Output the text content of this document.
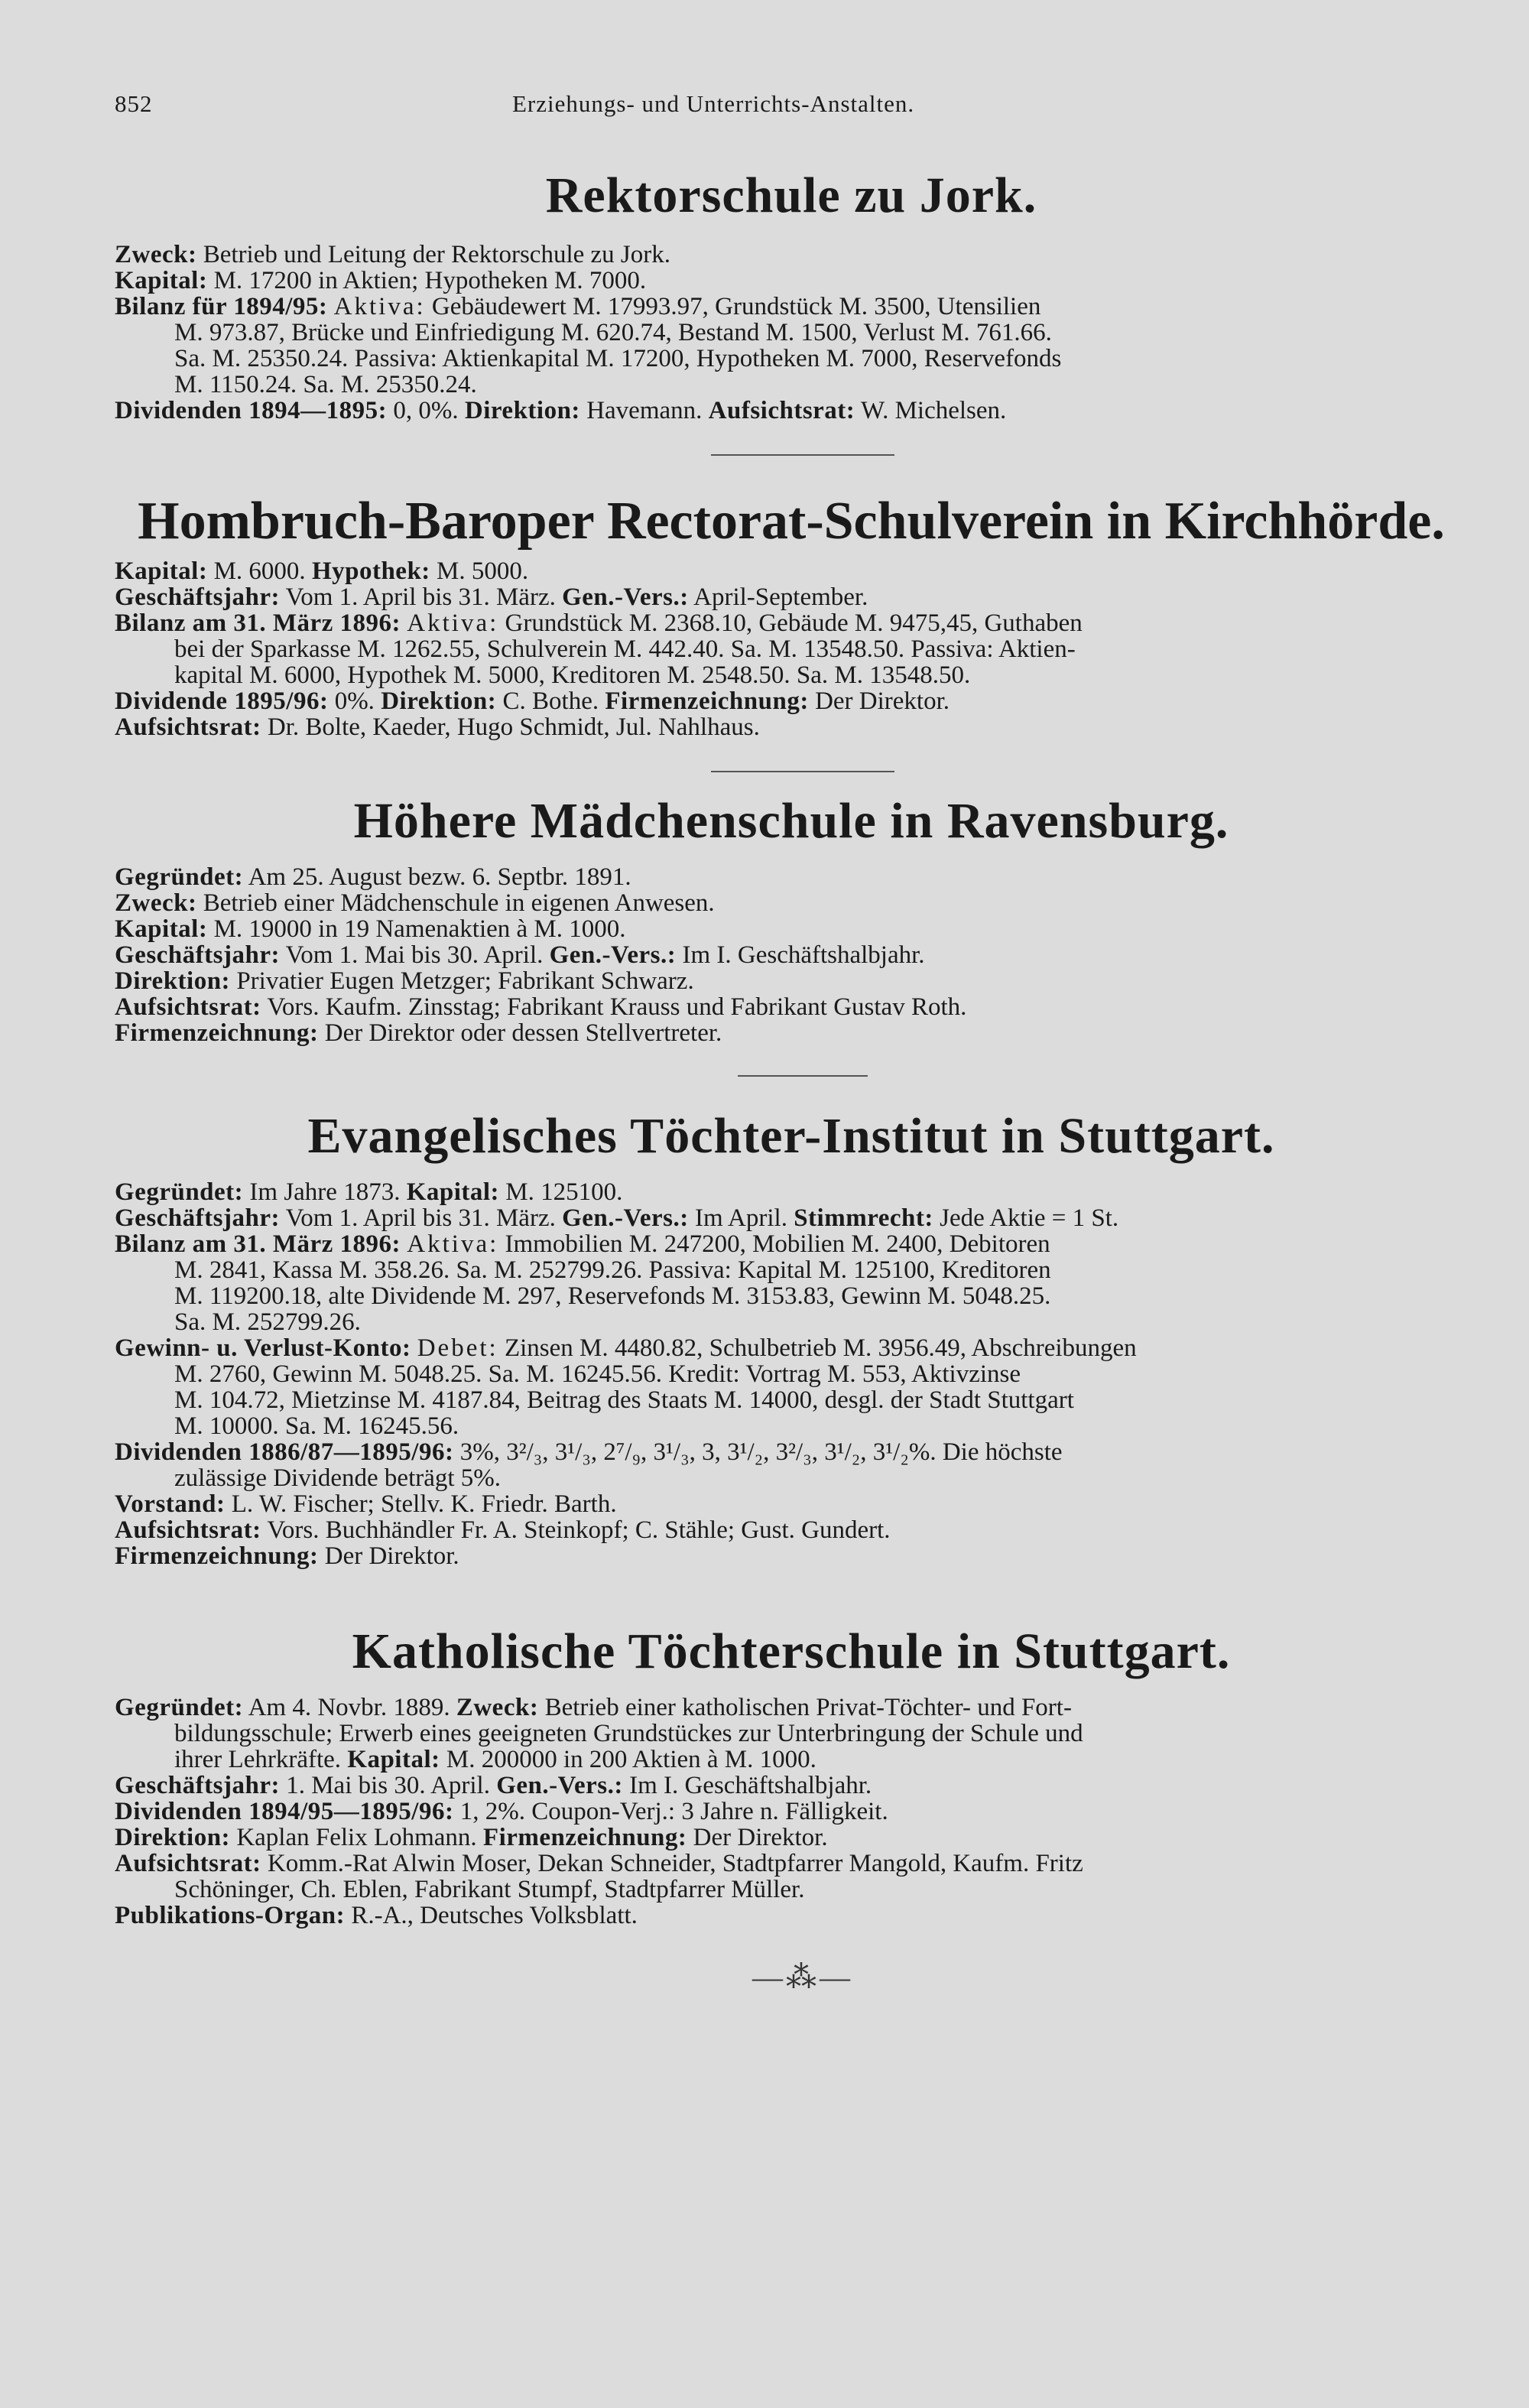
852	Erziehungs- und Unterrichts-Anstalten.
Rektorschule zu Jork.
Zweck: Betrieb und Leitung der Rektorschule zu Jork.
Kapital: M. 17200 in Aktien; Hypotheken M. 7000.
Bilanz für 1894/95: Aktiva: Gebäudewert M. 17993.97, Grundstück M. 3500, Utensilien
M. 973.87, Brücke und Einfriedigung M. 620.74, Bestand M. 1500, Verlust M. 761.66.
Sa. M. 25350.24. Passiva: Aktienkapital M. 17200, Hypotheken M. 7000, Reservefonds
M. 1150.24. Sa. M. 25350.24.
Dividenden 1894—1895: 0, 0%. Direktion: Havemann. Aufsichtsrat: W. Michelsen.
Hombruch-Baroper Rectorat-Schulverein in Kirchhörde.
Kapital: M. 6000. Hypothek: M. 5000.
Geschäftsjahr: Vom 1. April bis 31. März. Gen.-Vers.: April-September.
Bilanz am 31. März 1896: Aktiva: Grundstück M. 2368.10, Gebäude M. 9475,45, Guthaben
bei der Sparkasse M. 1262.55, Schulverein M. 442.40. Sa. M. 13548.50. Passiva: Aktien-
kapital M. 6000, Hypothek M. 5000, Kreditoren M. 2548.50. Sa. M. 13548.50.
Dividende 1895/96: 0%. Direktion: C. Bothe. Firmenzeichnung: Der Direktor.
Aufsichtsrat: Dr. Bolte, Kaeder, Hugo Schmidt, Jul. Nahlhaus.
Höhere Mädchenschule in Ravensburg.
Gegründet: Am 25. August bezw. 6. Septbr. 1891.
Zweck: Betrieb einer Mädchenschule in eigenen Anwesen.
Kapital: M. 19000 in 19 Namenaktien à M. 1000.
Geschäftsjahr: Vom 1. Mai bis 30. April. Gen.-Vers.: Im I. Geschäftshalbjahr.
Direktion: Privatier Eugen Metzger; Fabrikant Schwarz.
Aufsichtsrat: Vors. Kaufm. Zinsstag; Fabrikant Krauss und Fabrikant Gustav Roth.
Firmenzeichnung: Der Direktor oder dessen Stellvertreter.
Evangelisches Töchter-Institut in Stuttgart.
Gegründet: Im Jahre 1873. Kapital: M. 125100.
Geschäftsjahr: Vom 1. April bis 31. März. Gen.-Vers.: Im April. Stimmrecht: Jede Aktie = 1 St.
Bilanz am 31. März 1896: Aktiva: Immobilien M. 247200, Mobilien M. 2400, Debitoren
M. 2841, Kassa M. 358.26. Sa. M. 252799.26. Passiva: Kapital M. 125100, Kreditoren
M. 119200.18, alte Dividende M. 297, Reservefonds M. 3153.83, Gewinn M. 5048.25.
Sa. M. 252799.26.
Gewinn- u. Verlust-Konto: Debet: Zinsen M. 4480.82, Schulbetrieb M. 3956.49, Abschreibungen
M. 2760, Gewinn M. 5048.25. Sa. M. 16245.56. Kredit: Vortrag M. 553, Aktivzinse
M. 104.72, Mietzinse M. 4187.84, Beitrag des Staats M. 14000, desgl. der Stadt Stuttgart
M. 10000. Sa. M. 16245.56.
Dividenden 1886/87—1895/96: 3%, 3²/₃, 3¹/₃, 2⁷/₉, 3¹/₃, 3, 3¹/₂, 3²/₃, 3¹/₂, 3¹/₂%. Die höchste
zulässige Dividende beträgt 5%.
Vorstand: L. W. Fischer; Stellv. K. Friedr. Barth.
Aufsichtsrat: Vors. Buchhändler Fr. A. Steinkopf; C. Stähle; Gust. Gundert.
Firmenzeichnung: Der Direktor.
Katholische Töchterschule in Stuttgart.
Gegründet: Am 4. Novbr. 1889. Zweck: Betrieb einer katholischen Privat-Töchter- und Fort-
bildungsschule; Erwerb eines geeigneten Grundstückes zur Unterbringung der Schule und
ihrer Lehrkräfte. Kapital: M. 200000 in 200 Aktien à M. 1000.
Geschäftsjahr: 1. Mai bis 30. April. Gen.-Vers.: Im I. Geschäftshalbjahr.
Dividenden 1894/95—1895/96: 1, 2%. Coupon-Verj.: 3 Jahre n. Fälligkeit.
Direktion: Kaplan Felix Lohmann. Firmenzeichnung: Der Direktor.
Aufsichtsrat: Komm.-Rat Alwin Moser, Dekan Schneider, Stadtpfarrer Mangold, Kaufm. Fritz
Schöninger, Ch. Eblen, Fabrikant Stumpf, Stadtpfarrer Müller.
Publikations-Organ: R.-A., Deutsches Volksblatt.
—⁂—
